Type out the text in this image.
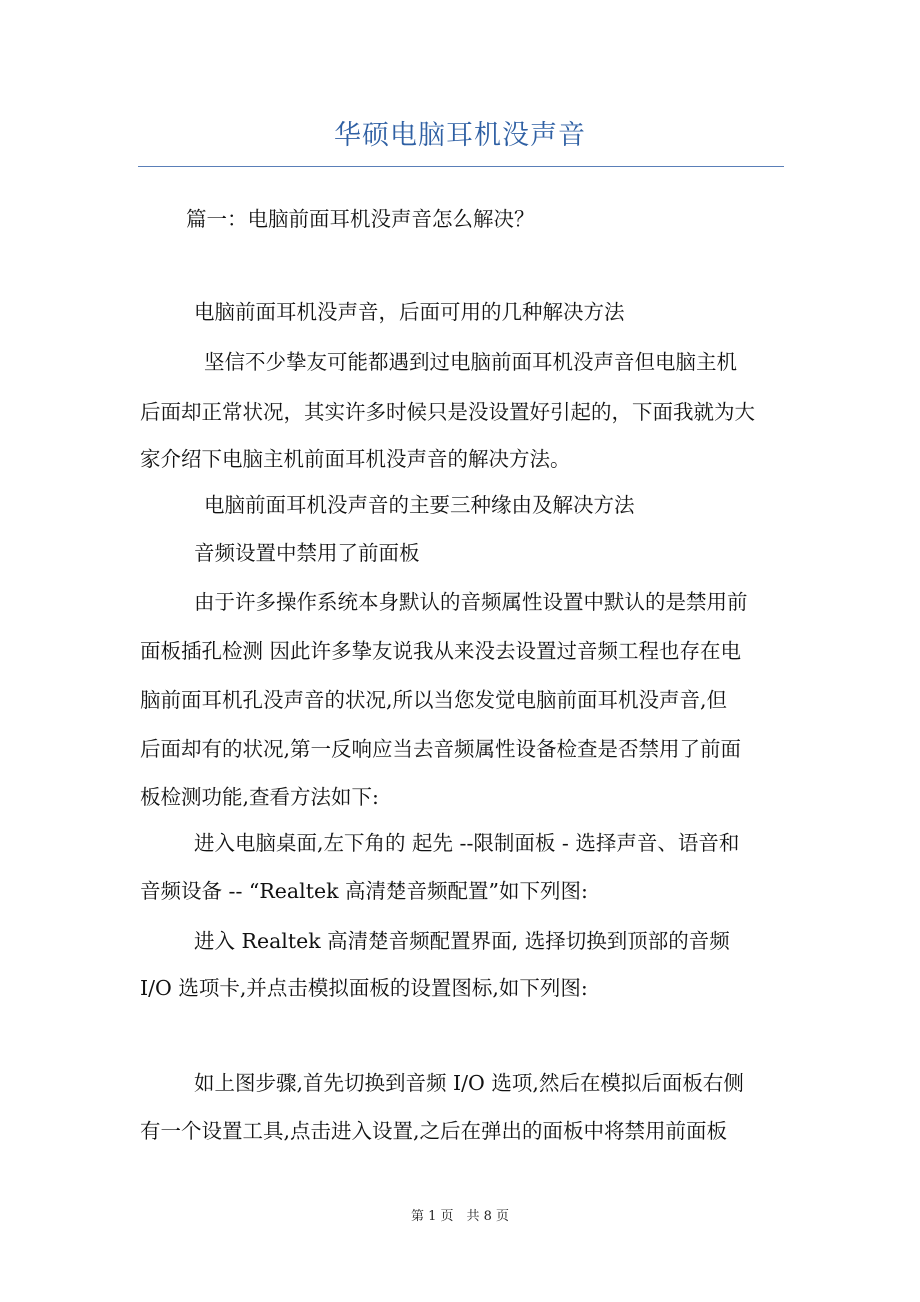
华硕电脑耳机没声音

篇一：电脑前面耳机没声音怎么解决？

电脑前面耳机没声音，后面可用的几种解决方法

坚信不少挚友可能都遇到过电脑前面耳机没声音但电脑主机

后面却正常状况，其实许多时候只是没设置好引起的，下面我就为大

家介绍下电脑主机前面耳机没声音的解决方法。

电脑前面耳机没声音的主要三种缘由及解决方法

音频设置中禁用了前面板

由于许多操作系统本身默认的音频属性设置中默认的是禁用前

面板插孔检测 因此许多挚友说我从来没去设置过音频工程也存在电

脑前面耳机孔没声音的状况,所以当您发觉电脑前面耳机没声音,但

后面却有的状况,第一反响应当去音频属性设备检查是否禁用了前面

板检测功能,查看方法如下:

进入电脑桌面,左下角的 起先 --限制面板 - 选择声音、语音和

音频设备 -- “Realtek 高清楚音频配置”如下列图:

进入 Realtek 高清楚音频配置界面, 选择切换到顶部的音频

I/O 选项卡,并点击模拟面板的设置图标,如下列图:

如上图步骤,首先切换到音频 I/O 选项,然后在模拟后面板右侧

有一个设置工具,点击进入设置,之后在弹出的面板中将禁用前面板

第 1 页　共 8 页
